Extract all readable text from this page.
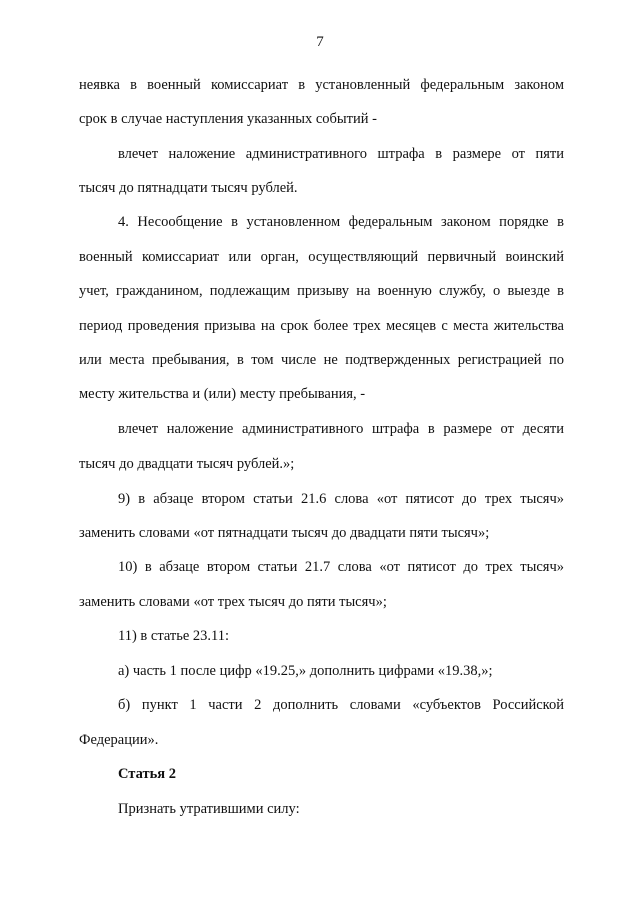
7
неявка в военный комиссариат в установленный федеральным законом
срок в случае наступления указанных событий -
влечет наложение административного штрафа в размере от пяти
тысяч до пятнадцати тысяч рублей.
4. Несообщение в установленном федеральным законом порядке в
военный комиссариат или орган, осуществляющий первичный воинский
учет, гражданином, подлежащим призыву на военную службу, о выезде в
период проведения призыва на срок более трех месяцев с места жительства
или места пребывания, в том числе не подтвержденных регистрацией по
месту жительства и (или) месту пребывания, -
влечет наложение административного штрафа в размере от десяти
тысяч до двадцати тысяч рублей.»;
9) в абзаце втором статьи 21.6 слова «от пятисот до трех тысяч»
заменить словами «от пятнадцати тысяч до двадцати пяти тысяч»;
10) в абзаце втором статьи 21.7 слова «от пятисот до трех тысяч»
заменить словами «от трех тысяч до пяти тысяч»;
11) в статье 23.11:
а) часть 1 после цифр «19.25,» дополнить цифрами «19.38,»;
б) пункт 1 части 2 дополнить словами «субъектов Российской
Федерации».
Статья 2
Признать утратившими силу:
